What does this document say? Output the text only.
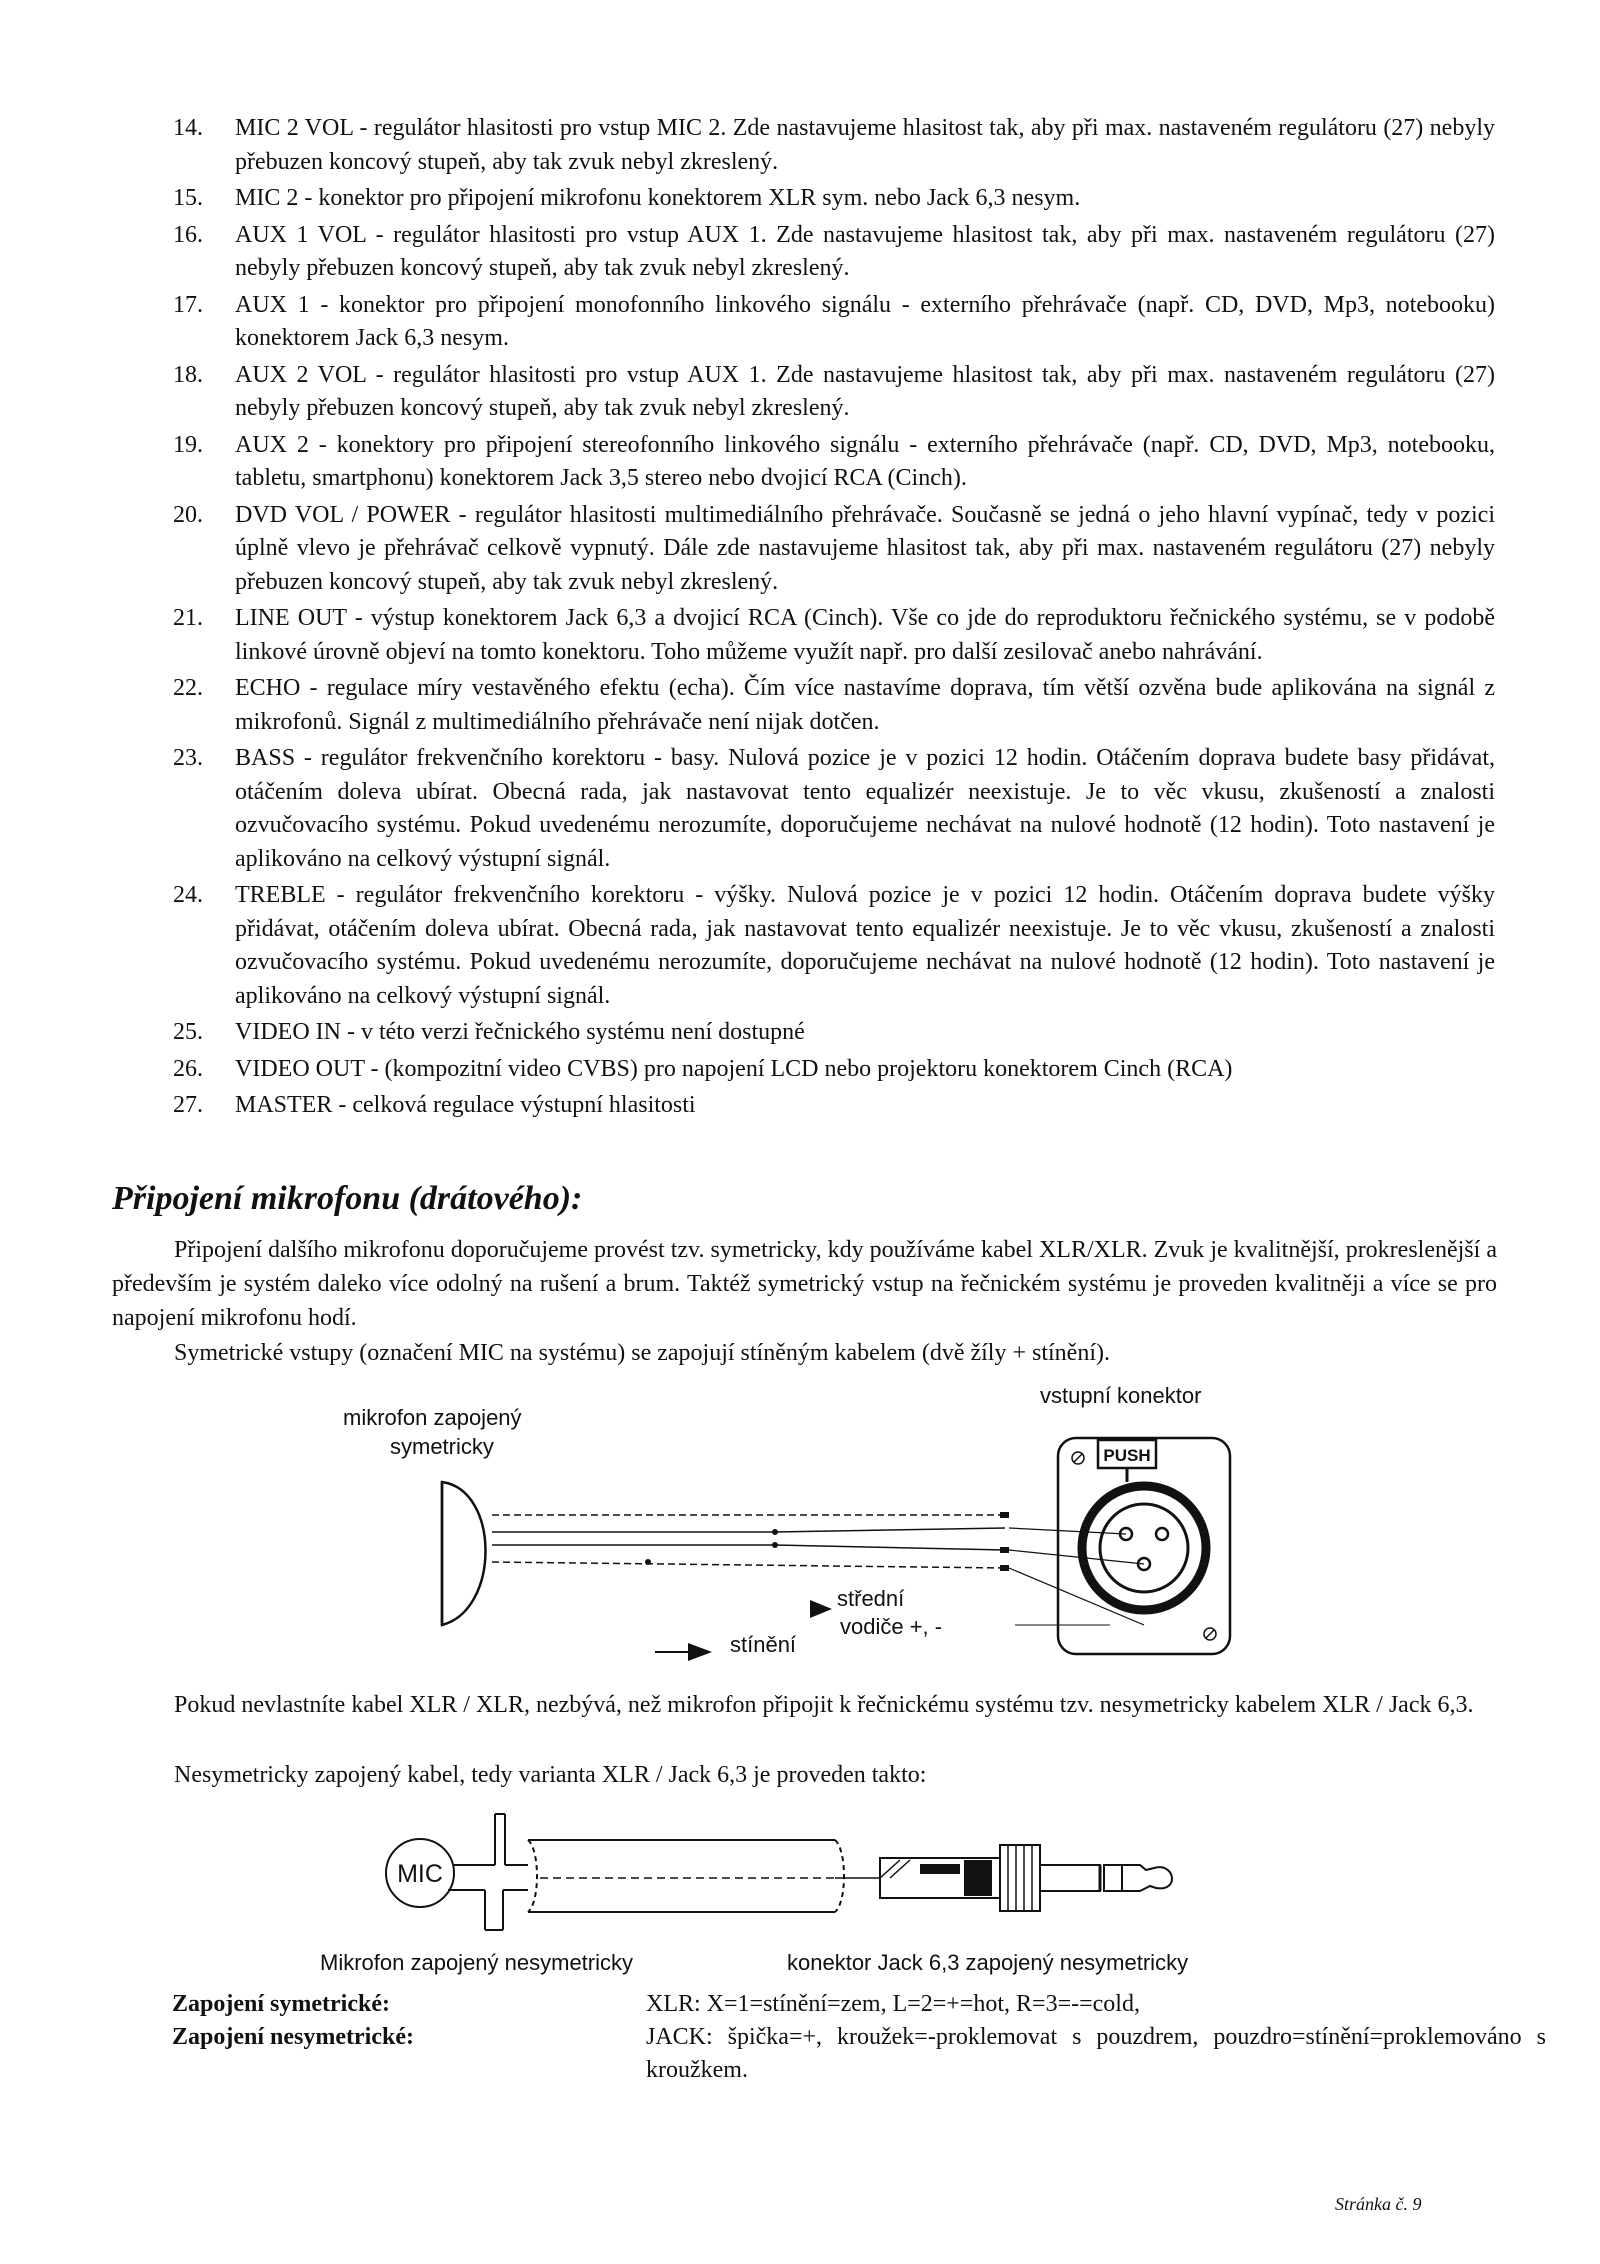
14.	MIC 2 VOL - regulátor hlasitosti pro vstup MIC 2. Zde nastavujeme hlasitost tak, aby při max. nastaveném regulátoru (27) nebyly přebuzen koncový stupeň, aby tak zvuk nebyl zkreslený.
15.	MIC 2 - konektor pro připojení mikrofonu konektorem XLR sym. nebo Jack 6,3 nesym.
16.	AUX 1 VOL - regulátor hlasitosti pro vstup AUX 1. Zde nastavujeme hlasitost tak, aby při max. nastaveném regulátoru (27) nebyly přebuzen koncový stupeň, aby tak zvuk nebyl zkreslený.
17.	AUX 1 - konektor pro připojení monofonního linkového signálu - externího přehrávače (např. CD, DVD, Mp3, notebooku) konektorem Jack 6,3 nesym.
18.	AUX 2 VOL - regulátor hlasitosti pro vstup AUX 1. Zde nastavujeme hlasitost tak, aby při max. nastaveném regulátoru (27) nebyly přebuzen koncový stupeň, aby tak zvuk nebyl zkreslený.
19.	AUX 2 - konektory pro připojení stereofonního linkového signálu - externího přehrávače (např. CD, DVD, Mp3, notebooku, tabletu, smartphonu) konektorem Jack 3,5 stereo nebo dvojicí RCA (Cinch).
20.	DVD VOL / POWER - regulátor hlasitosti multimediálního přehrávače. Současně se jedná o jeho hlavní vypínač, tedy v pozici úplně vlevo je přehrávač celkově vypnutý. Dále zde nastavujeme hlasitost tak, aby při max. nastaveném regulátoru (27) nebyly přebuzen koncový stupeň, aby tak zvuk nebyl zkreslený.
21.	LINE OUT - výstup konektorem Jack 6,3 a dvojicí RCA (Cinch). Vše co jde do reproduktoru řečnického systému, se v podobě linkové úrovně objeví na tomto konektoru. Toho můžeme využít např. pro další zesilovač anebo nahrávání.
22.	ECHO - regulace míry vestavěného efektu (echa). Čím více nastavíme doprava, tím větší ozvěna bude aplikována na signál z mikrofonů. Signál z multimediálního přehrávače není nijak dotčen.
23.	BASS - regulátor frekvenčního korektoru - basy. Nulová pozice je v pozici 12 hodin. Otáčením doprava budete basy přidávat, otáčením doleva ubírat. Obecná rada, jak nastavovat tento equalizér neexistuje. Je to věc vkusu, zkušeností a znalosti ozvučovacího systému. Pokud uvedenému nerozumíte, doporučujeme nechávat na nulové hodnotě (12 hodin). Toto nastavení je aplikováno na celkový výstupní signál.
24.	TREBLE - regulátor frekvenčního korektoru - výšky. Nulová pozice je v pozici 12 hodin. Otáčením doprava budete výšky přidávat, otáčením doleva ubírat. Obecná rada, jak nastavovat tento equalizér neexistuje. Je to věc vkusu, zkušeností a znalosti ozvučovacího systému. Pokud uvedenému nerozumíte, doporučujeme nechávat na nulové hodnotě (12 hodin). Toto nastavení je aplikováno na celkový výstupní signál.
25.	VIDEO IN - v této verzi řečnického systému není dostupné
26.	VIDEO OUT - (kompozitní video CVBS) pro napojení LCD nebo projektoru konektorem Cinch (RCA)
27.	MASTER - celková regulace výstupní hlasitosti
Připojení mikrofonu (drátového):
Připojení dalšího mikrofonu doporučujeme provést tzv. symetricky, kdy používáme kabel XLR/XLR. Zvuk je kvalitnější, prokreslenější a především je systém daleko více odolný na rušení a brum. Taktéž symetrický vstup na řečnickém systému je proveden kvalitněji a více se pro napojení mikrofonu hodí.
Symetrické vstupy (označení MIC na systému) se zapojují stíněným kabelem (dvě žíly + stínění).
mikrofon zapojený
symetricky
vstupní konektor
střední
vodiče +, -
stínění
PUSH
Pokud nevlastníte kabel XLR / XLR, nezbývá, než mikrofon připojit k řečnickému systému tzv. nesymetricky kabelem XLR / Jack 6,3.
Nesymetricky zapojený kabel, tedy varianta XLR / Jack 6,3 je proveden takto:
MIC
Mikrofon zapojený nesymetricky	konektor Jack 6,3 zapojený nesymetricky
Zapojení symetrické:	XLR: X=1=stínění=zem, L=2=+=hot, R=3=-=cold,
Zapojení nesymetrické:	JACK: špička=+, kroužek=-proklemovat s pouzdrem, pouzdro=stínění=proklemováno s kroužkem.
Stránka č. 9
